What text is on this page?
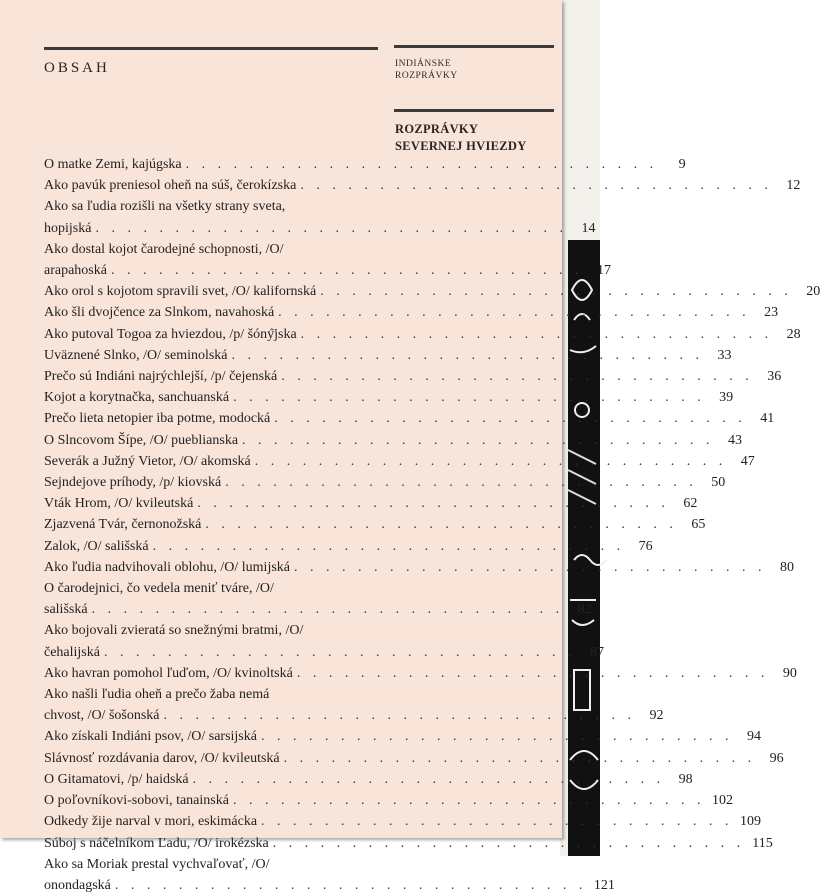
OBSAH	INDIÁNSKE
ROZPRÁVKY
ROZPRÁVKY
SEVERNEJ HVIEZDY
O matke Zemi, kajúgska . . . . . . . . . . . . . . . . . . . . . . . . . . . . . .	9
Ako pavúk preniesol oheň na súš, čerokízska . . . . . . . . . . . . . . . . . . . . . . . . . . . . . .	12
Ako sa ľudia rozišli na všetky strany sveta,
hopijská . . . . . . . . . . . . . . . . . . . . . . . . . . . . . .	14
Ako dostal kojot čarodejné schopnosti, /O/
arapahoská . . . . . . . . . . . . . . . . . . . . . . . . . . . . . .	17
Ako orol s kojotom spravili svet, /O/ kalifornská . . . . . . . . . . . . . . . . . . . . . . . . . . . . . .	20
Ako šli dvojčence za Slnkom, navahoská . . . . . . . . . . . . . . . . . . . . . . . . . . . . . .	23
Ako putoval Togoa za hviezdou, /p/ šóný̈jska . . . . . . . . . . . . . . . . . . . . . . . . . . . . . .	28
Uväznené Slnko, /O/ seminolská . . . . . . . . . . . . . . . . . . . . . . . . . . . . . .	33
Prečo sú Indiáni najrýchlejší, /p/ čejenská . . . . . . . . . . . . . . . . . . . . . . . . . . . . . .	36
Kojot a korytnačka, sanchuanská . . . . . . . . . . . . . . . . . . . . . . . . . . . . . .	39
Prečo lieta netopier iba potme, modocká . . . . . . . . . . . . . . . . . . . . . . . . . . . . . .	41
O Slncovom Šípe, /O/ pueblianska . . . . . . . . . . . . . . . . . . . . . . . . . . . . . .	43
Severák a Južný Vietor, /O/ akomská . . . . . . . . . . . . . . . . . . . . . . . . . . . . . .	47
Sejndejove príhody, /p/ kiovská . . . . . . . . . . . . . . . . . . . . . . . . . . . . . .	50
Vták Hrom, /O/ kvileutská . . . . . . . . . . . . . . . . . . . . . . . . . . . . . .	62
Zjazvená Tvár, černonožská . . . . . . . . . . . . . . . . . . . . . . . . . . . . . .	65
Zalok, /O/ sališská . . . . . . . . . . . . . . . . . . . . . . . . . . . . . .	76
Ako ľudia nadvihovali oblohu, /O/ lumijská . . . . . . . . . . . . . . . . . . . . . . . . . . . . . .	80
O čarodejnici, čo vedela meniť tváre, /O/
sališská . . . . . . . . . . . . . . . . . . . . . . . . . . . . . .	82
Ako bojovali zvieratá so snežnými bratmi, /O/
čehalijská . . . . . . . . . . . . . . . . . . . . . . . . . . . . . .	87
Ako havran pomohol ľuďom, /O/ kvinoltská . . . . . . . . . . . . . . . . . . . . . . . . . . . . . .	90
Ako našli ľudia oheň a prečo žaba nemá
chvost, /O/ šošonská . . . . . . . . . . . . . . . . . . . . . . . . . . . . . .	92
Ako získali Indiáni psov, /O/ sarsijská . . . . . . . . . . . . . . . . . . . . . . . . . . . . . .	94
Slávnosť rozdávania darov, /O/ kvileutská . . . . . . . . . . . . . . . . . . . . . . . . . . . . . .	96
O Gitamatovi, /p/ haidská . . . . . . . . . . . . . . . . . . . . . . . . . . . . . .	98
O poľovníkovi-sobovi, tanainská . . . . . . . . . . . . . . . . . . . . . . . . . . . . . . 102
Odkedy žije narval v mori, eskimácka . . . . . . . . . . . . . . . . . . . . . . . . . . . . . . 109
Súboj s náčelníkom Ľadu, /O/ irokézska . . . . . . . . . . . . . . . . . . . . . . . . . . . . . . 115
Ako sa Moriak prestal vychvaľovať, /O/
onondagská . . . . . . . . . . . . . . . . . . . . . . . . . . . . . . 121
